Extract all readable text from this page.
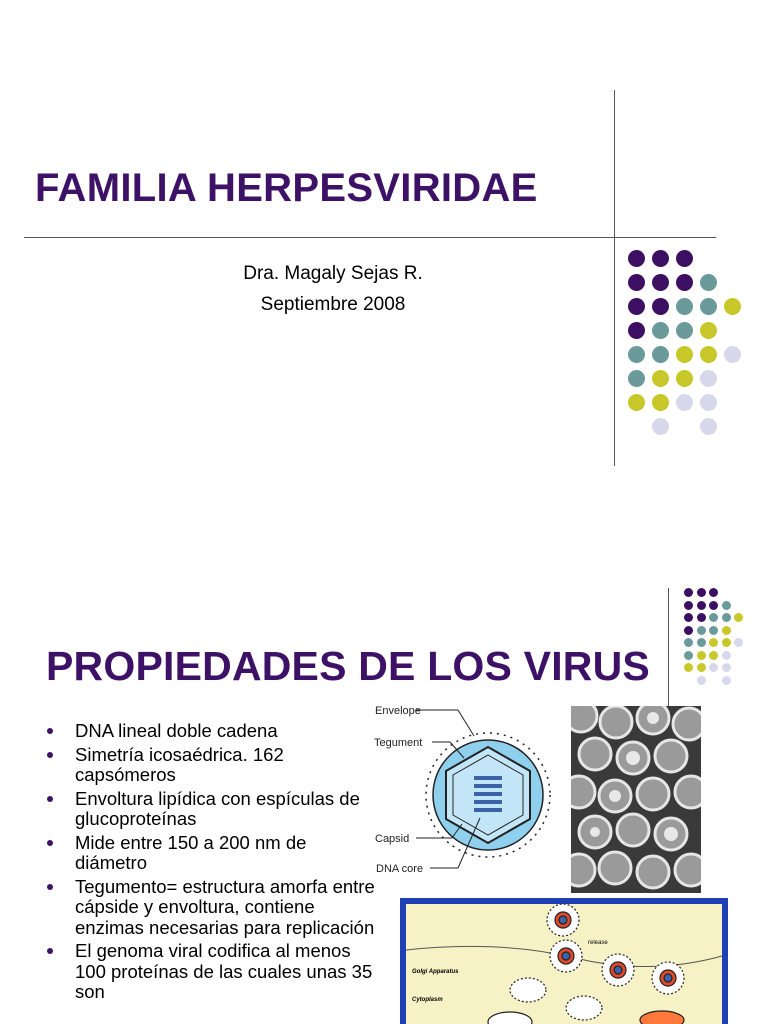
FAMILIA HERPESVIRIDAE

Dra. Magaly Sejas R.

Septiembre 2008

PROPIEDADES DE LOS VIRUS
DNA lineal doble cadena
Simetría icosaédrica. 162 capsómeros
Envoltura lipídica con espículas de glucoproteínas
Mide entre 150 a 200 nm de diámetro
Tegumento= estructura amorfa entre cápside y envoltura, contiene enzimas necesarias para replicación
El genoma viral codifica al menos 100 proteínas de las cuales unas 35 son
Envelope
Tegument
Capsid
DNA core
release
Golgi Apparatus
Cytoplasm
